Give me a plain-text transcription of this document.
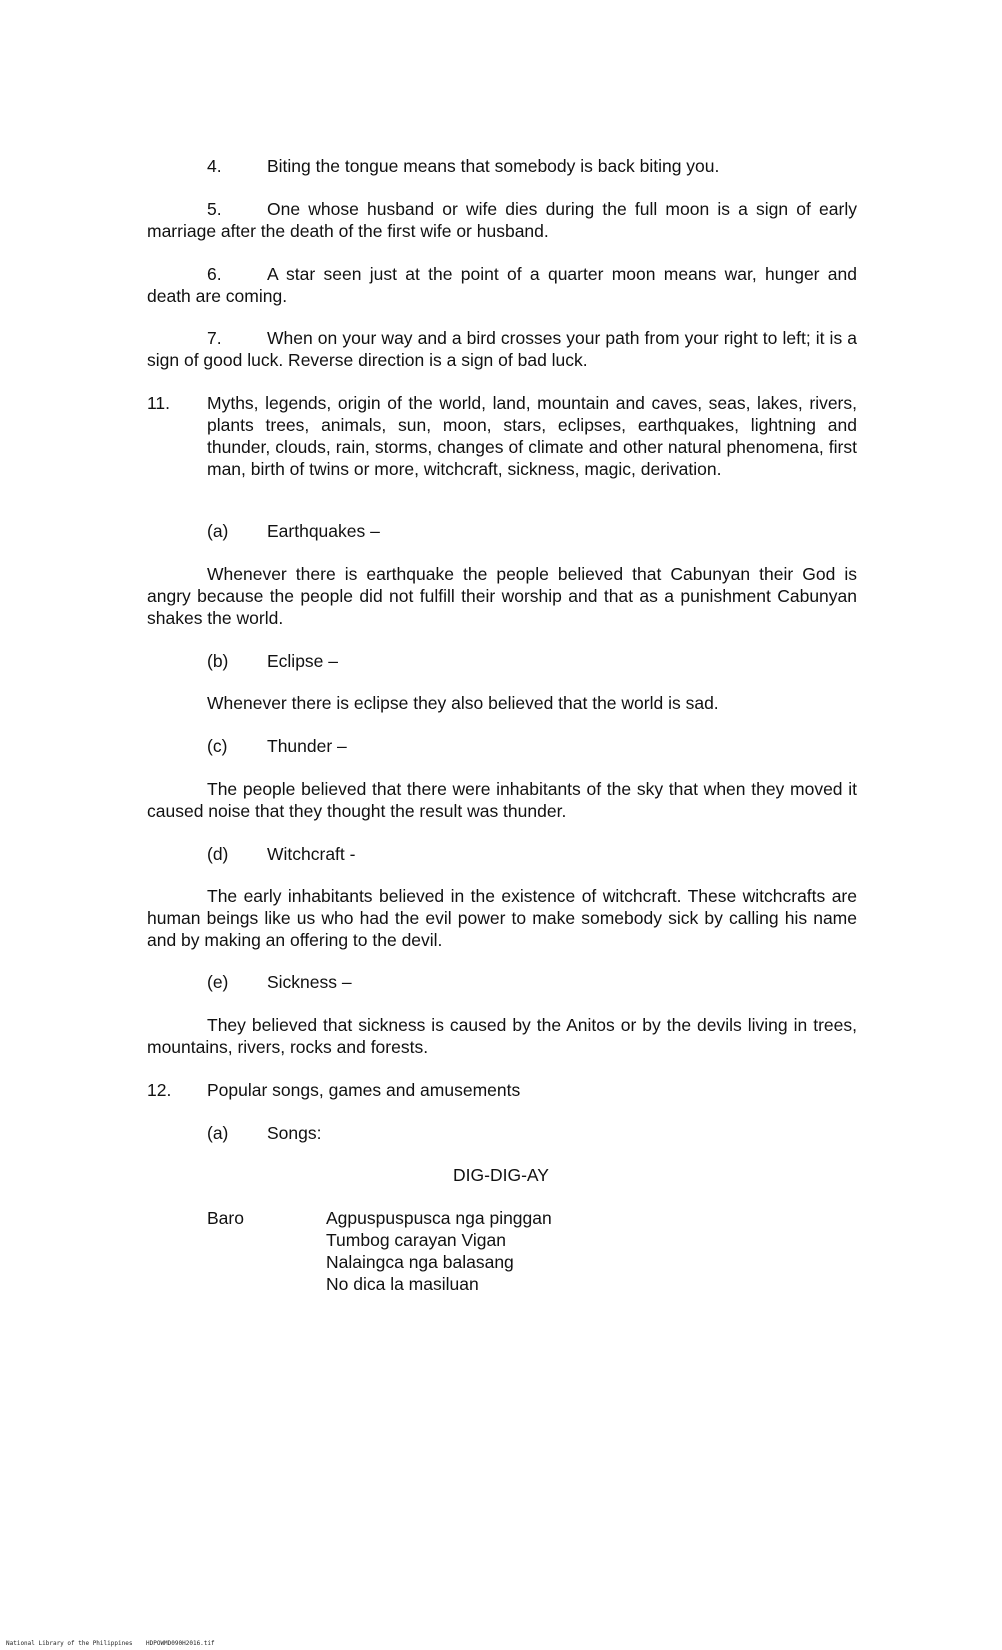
4.	Biting the tongue means that somebody is back biting you.

5.	One whose husband or wife dies during the full moon is a sign of early marriage after the death of the first wife or husband.

6.	A star seen just at the point of a quarter moon means war, hunger and death are coming.

7.	When on your way and a bird crosses your path from your right to left; it is a sign of good luck. Reverse direction is a sign of bad luck.

11. Myths, legends, origin of the world, land, mountain and caves, seas, lakes, rivers, plants trees, animals, sun, moon, stars, eclipses, earthquakes, lightning and thunder, clouds, rain, storms, changes of climate and other natural phenomena, first man, birth of twins or more, witchcraft, sickness, magic, derivation.

(a) Earthquakes –

Whenever there is earthquake the people believed that Cabunyan their God is angry because the people did not fulfill their worship and that as a punishment Cabunyan shakes the world.

(b) Eclipse –

Whenever there is eclipse they also believed that the world is sad.

(c) Thunder –

The people believed that there were inhabitants of the sky that when they moved it caused noise that they thought the result was thunder.

(d) Witchcraft -

The early inhabitants believed in the existence of witchcraft. These witchcrafts are human beings like us who had the evil power to make somebody sick by calling his name and by making an offering to the devil.

(e) Sickness –

They believed that sickness is caused by the Anitos or by the devils living in trees, mountains, rivers, rocks and forests.

12. Popular songs, games and amusements

(a) Songs:

DIG-DIG-AY
Baro	Agpuspuspusca nga pinggan
Tumbog carayan Vigan
Nalaingca nga balasang
No dica la masiluan
National Library of the Philippines HDPOWMD090H2016.tif
